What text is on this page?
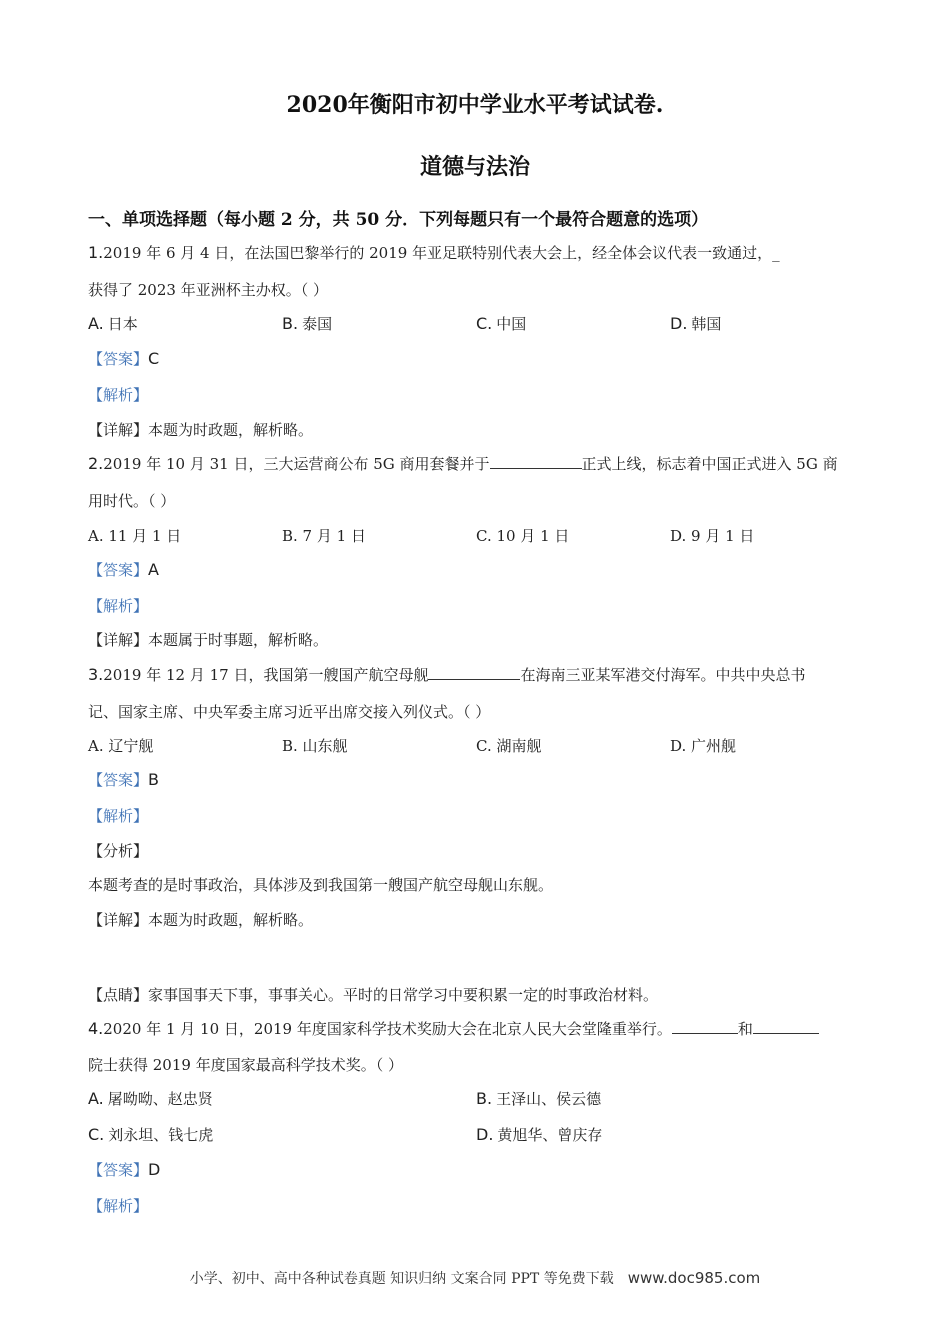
2020年衡阳市初中学业水平考试试卷.
道德与法治
一、单项选择题（每小题 2 分，共 50 分．下列每题只有一个最符合题意的选项）
1.2019 年 6 月 4 日，在法国巴黎举行的 2019 年亚足联特别代表大会上，经全体会议代表一致通过，_
获得了 2023 年亚洲杯主办权。（ ）
A. 日本	B. 泰国	C. 中国	D. 韩国
【答案】C
【解析】
【详解】本题为时政题，解析略。
2.2019 年 10 月 31 日，三大运营商公布 5G 商用套餐并于	正式上线，标志着中国正式进入 5G 商
用时代。（ ）
A. 11 月 1 日	B. 7 月 1 日	C. 10 月 1 日	D. 9 月 1 日
【答案】A
【解析】
【详解】本题属于时事题，解析略。
3.2019 年 12 月 17 日，我国第一艘国产航空母舰	在海南三亚某军港交付海军。中共中央总书
记、国家主席、中央军委主席习近平出席交接入列仪式。（ ）
A. 辽宁舰	B. 山东舰	C. 湖南舰	D. 广州舰
【答案】B
【解析】
【分析】
本题考查的是时事政治，具体涉及到我国第一艘国产航空母舰山东舰。
【详解】本题为时政题，解析略。
【点睛】家事国事天下事，事事关心。平时的日常学习中要积累一定的时事政治材料。
4.2020 年 1 月 10 日，2019 年度国家科学技术奖励大会在北京人民大会堂隆重举行。	和
院士获得 2019 年度国家最高科学技术奖。（ ）
A. 屠呦呦、赵忠贤	B. 王泽山、侯云德
C. 刘永坦、钱七虎	D. 黄旭华、曾庆存
【答案】D
【解析】
小学、初中、高中各种试卷真题 知识归纳 文案合同 PPT 等免费下载 www.doc985.com
